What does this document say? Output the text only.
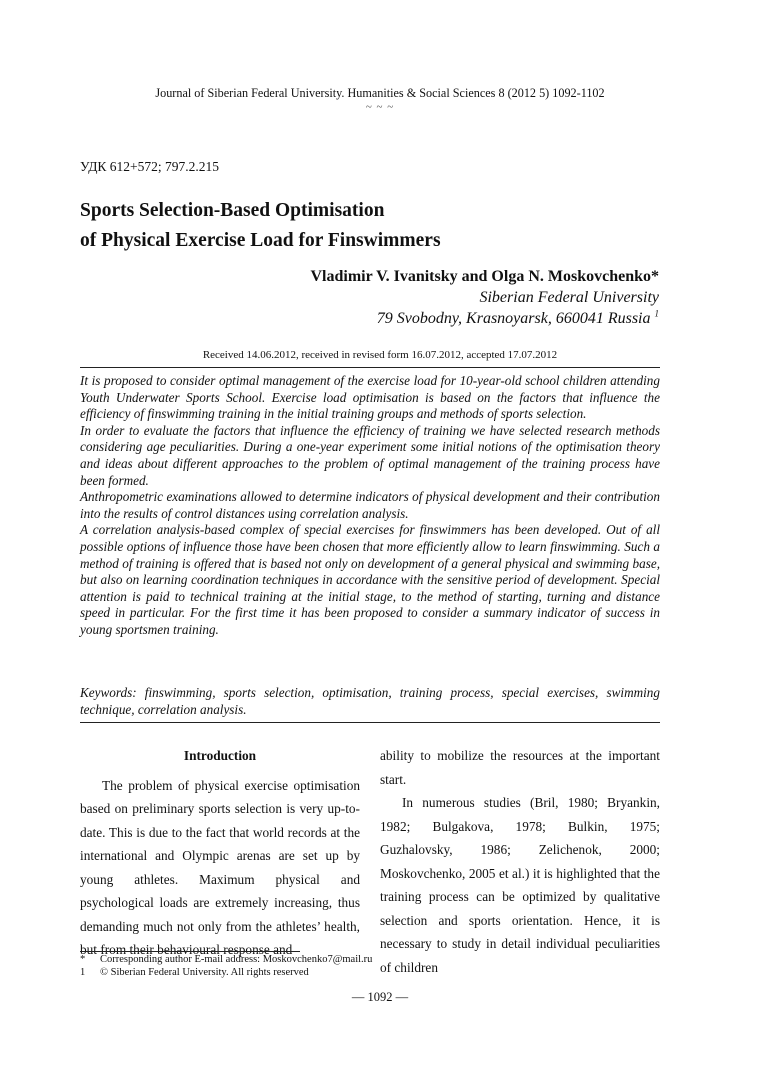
Journal of Siberian Federal University. Humanities & Social Sciences 8 (2012 5) 1092-1102
~ ~ ~
УДК 612+572; 797.2.215
Sports Selection-Based Optimisation
of Physical Exercise Load for Finswimmers
Vladimir V. Ivanitsky and Olga N. Moskovchenko*
Siberian Federal University
79 Svobodny, Krasnoyarsk, 660041 Russia $^1$
Received 14.06.2012, received in revised form 16.07.2012, accepted 17.07.2012

It is proposed to consider optimal management of the exercise load for 10-year-old school children attending Youth Underwater Sports School. Exercise load optimisation is based on the factors that influence the efficiency of finswimming training in the initial training groups and methods of sports selection.

In order to evaluate the factors that influence the efficiency of training we have selected research methods considering age peculiarities. During a one-year experiment some initial notions of the optimisation theory and ideas about different approaches to the problem of optimal management of the training process have been formed.

Anthropometric examinations allowed to determine indicators of physical development and their contribution into the results of control distances using correlation analysis.

A correlation analysis-based complex of special exercises for finswimmers has been developed. Out of all possible options of influence those have been chosen that more efficiently allow to learn finswimming. Such a method of training is offered that is based not only on development of a general physical and swimming base, but also on learning coordination techniques in accordance with the sensitive period of development. Special attention is paid to technical training at the initial stage, to the method of starting, turning and distance speed in particular. For the first time it has been proposed to consider a summary indicator of success in young sportsmen training.

Keywords: finswimming, sports selection, optimisation, training process, special exercises, swimming technique, correlation analysis.

Introduction

The problem of physical exercise optimisation based on preliminary sports selection is very up-to-date. This is due to the fact that world records at the international and Olympic arenas are set up by young athletes. Maximum physical and psychological loads are extremely increasing, thus demanding much not only from the athletes’ health, but from their behavioural response and

ability to mobilize the resources at the important start.

In numerous studies (Bril, 1980; Bryankin, 1982; Bulgakova, 1978; Bulkin, 1975; Guzhalovsky, 1986; Zelichenok, 2000; Moskovchenko, 2005 et al.) it is highlighted that the training process can be optimized by qualitative selection and sports orientation. Hence, it is necessary to study in detail individual peculiarities of children

* Corresponding author E-mail address: Moskovchenko7@mail.ru
1 © Siberian Federal University. All rights reserved
— 1092 —
